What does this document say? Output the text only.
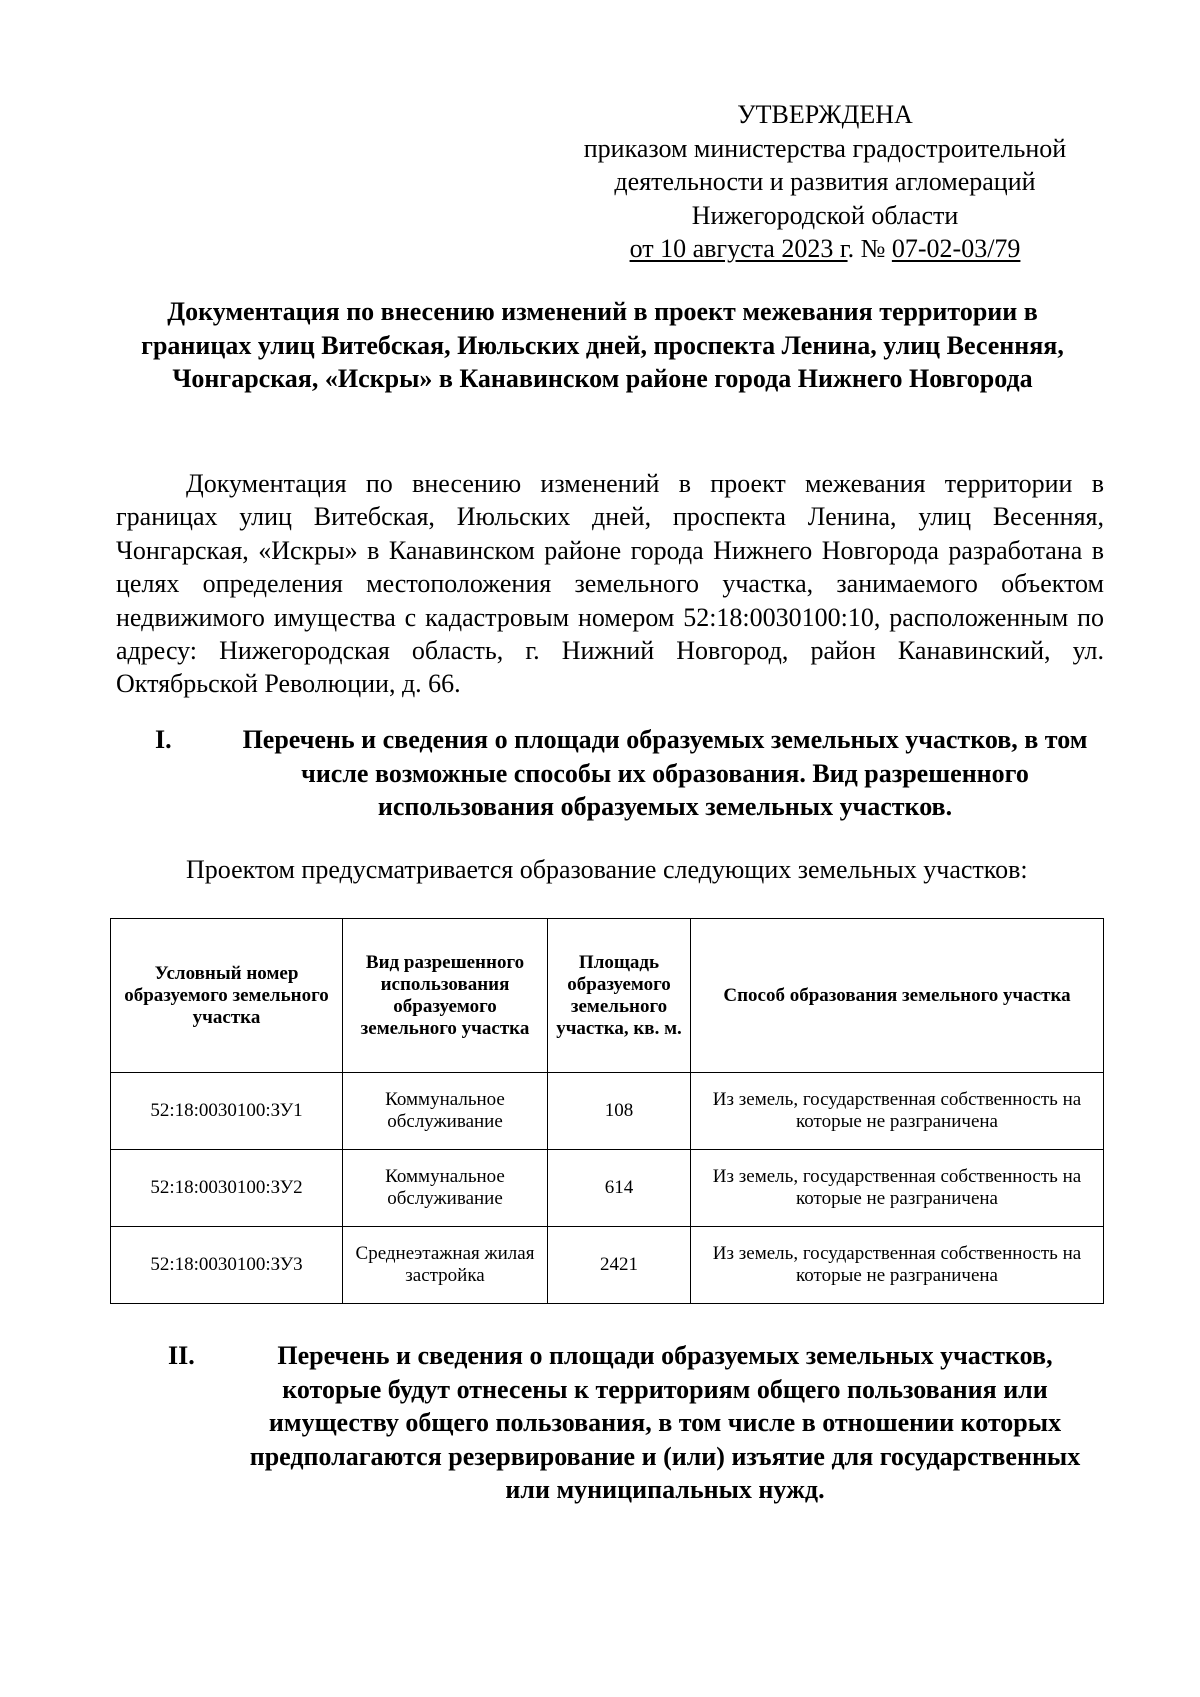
УТВЕРЖДЕНА
приказом министерства градостроительной
деятельности и развития агломераций
Нижегородской области
от 10 августа 2023 г. № 07-02-03/79
Документация по внесению изменений в проект межевания территории в границах улиц Витебская, Июльских дней, проспекта Ленина, улиц Весенняя, Чонгарская, «Искры» в Канавинском районе города Нижнего Новгорода

Документация по внесению изменений в проект межевания территории в границах улиц Витебская, Июльских дней, проспекта Ленина, улиц Весенняя, Чонгарская, «Искры» в Канавинском районе города Нижнего Новгорода разработана в целях определения местоположения земельного участка, занимаемого объектом недвижимого имущества с кадастровым номером 52:18:0030100:10, расположенным по адресу: Нижегородская область, г. Нижний Новгород, район Канавинский, ул. Октябрьской Революции, д. 66.

I.	Перечень и сведения о площади образуемых земельных участков, в том числе возможные способы их образования. Вид разрешенного использования образуемых земельных участков.
Проектом предусматривается образование следующих земельных участков:
Условный номер образуемого земельного участка	Вид разрешенного использования образуемого земельного участка	Площадь образуемого земельного участка, кв. м.	Способ образования земельного участка
52:18:0030100:ЗУ1	Коммунальное обслуживание	108	Из земель, государственная собственность на которые не разграничена
52:18:0030100:ЗУ2	Коммунальное обслуживание	614	Из земель, государственная собственность на которые не разграничена
52:18:0030100:ЗУ3	Среднеэтажная жилая застройка	2421	Из земель, государственная собственность на которые не разграничена
II.	Перечень и сведения о площади образуемых земельных участков, которые будут отнесены к территориям общего пользования или имуществу общего пользования, в том числе в отношении которых предполагаются резервирование и (или) изъятие для государственных или муниципальных нужд.
